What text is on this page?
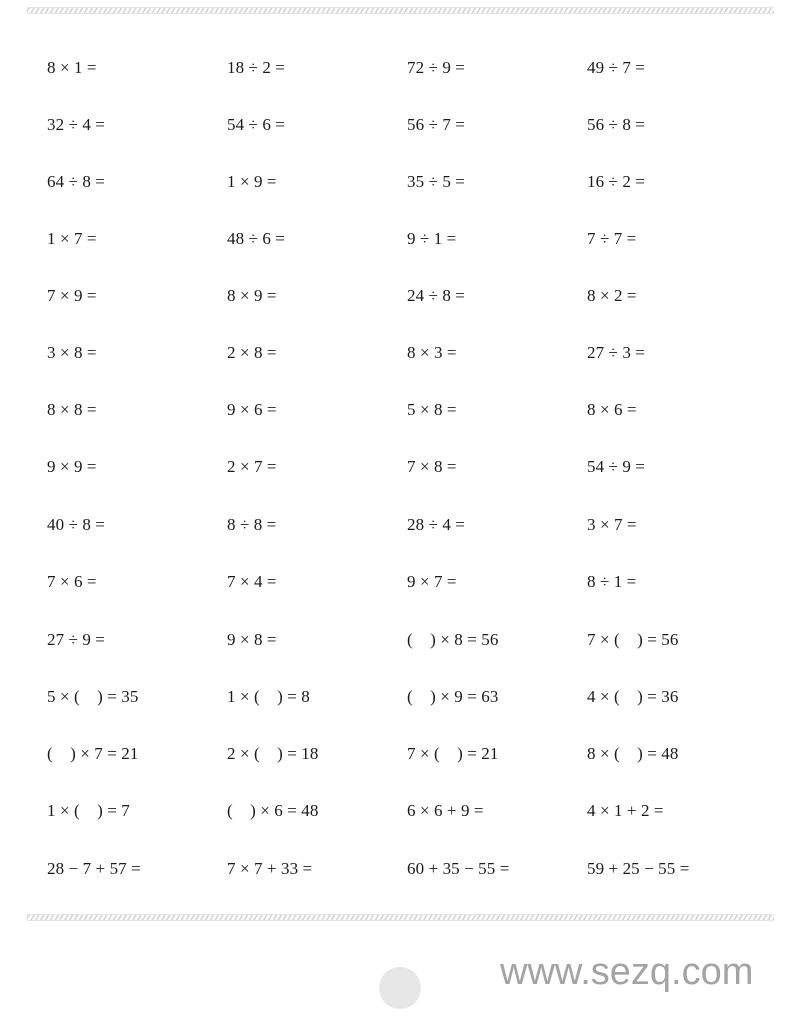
8 × 1 =	18 ÷ 2 =	72 ÷ 9 =	49 ÷ 7 =
32 ÷ 4 =	54 ÷ 6 =	56 ÷ 7 =	56 ÷ 8 =
64 ÷ 8 =	1 × 9 =	35 ÷ 5 =	16 ÷ 2 =
1 × 7 =	48 ÷ 6 =	9 ÷ 1 =	7 ÷ 7 =
7 × 9 =	8 × 9 =	24 ÷ 8 =	8 × 2 =
3 × 8 =	2 × 8 =	8 × 3 =	27 ÷ 3 =
8 × 8 =	9 × 6 =	5 × 8 =	8 × 6 =
9 × 9 =	2 × 7 =	7 × 8 =	54 ÷ 9 =
40 ÷ 8 =	8 ÷ 8 =	28 ÷ 4 =	3 × 7 =
7 × 6 =	7 × 4 =	9 × 7 =	8 ÷ 1 =
27 ÷ 9 =	9 × 8 =	(    ) × 8 = 56	7 × (    ) = 56
5 × (    ) = 35	1 × (    ) = 8	(    ) × 9 = 63	4 × (    ) = 36
(    ) × 7 = 21	2 × (    ) = 18	7 × (    ) = 21	8 × (    ) = 48
1 × (    ) = 7	(    ) × 6 = 48	6 × 6 + 9 =	4 × 1 + 2 =
28 − 7 + 57 =	7 × 7 + 33 =	60 + 35 − 55 =	59 + 25 − 55 =
www.sezq.com
